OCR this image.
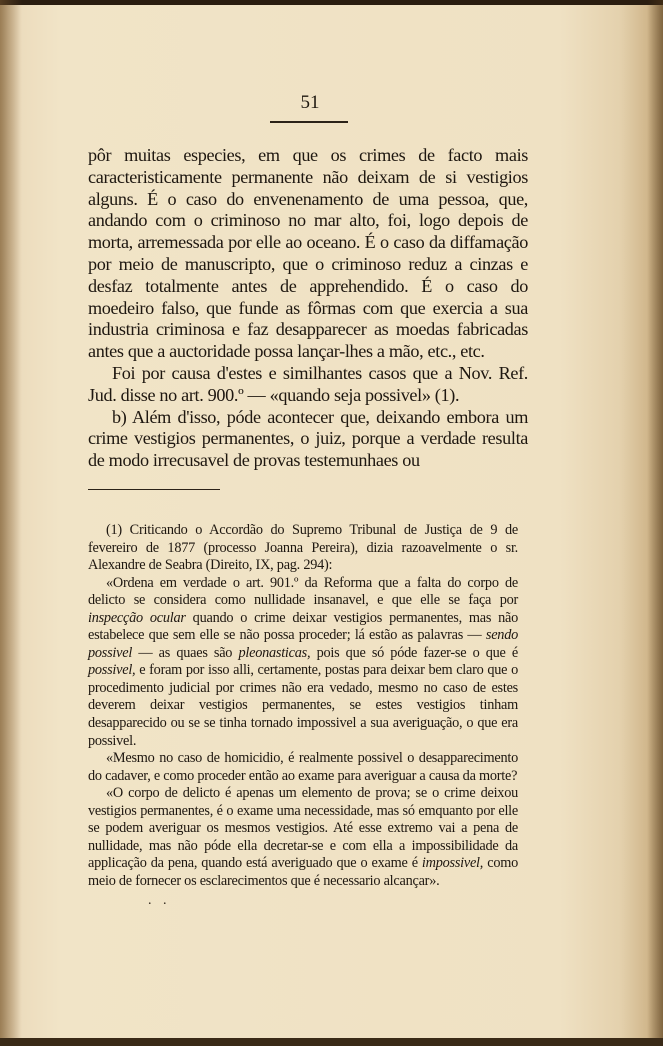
51

pôr muitas especies, em que os crimes de facto mais caracteristicamente permanente não deixam de si vestigios alguns. É o caso do envenenamento de uma pessoa, que, andando com o criminoso no mar alto, foi, logo depois de morta, arremessada por elle ao oceano. É o caso da diffamação por meio de manuscripto, que o criminoso reduz a cinzas e desfaz totalmente antes de apprehendido. É o caso do moedeiro falso, que funde as fôrmas com que exercia a sua industria criminosa e faz desapparecer as moedas fabricadas antes que a auctoridade possa lançar-lhes a mão, etc., etc.

Foi por causa d'estes e similhantes casos que a Nov. Ref. Jud. disse no art. 900.º — «quando seja possivel» (1).

b) Além d'isso, póde acontecer que, deixando embora um crime vestigios permanentes, o juiz, porque a verdade resulta de modo irrecusavel de provas testemunhaes ou

(1) Criticando o Accordão do Supremo Tribunal de Justiça de 9 de fevereiro de 1877 (processo Joanna Pereira), dizia razoavelmente o sr. Alexandre de Seabra (Direito, IX, pag. 294):

«Ordena em verdade o art. 901.º da Reforma que a falta do corpo de delicto se considera como nullidade insanavel, e que elle se faça por inspecção ocular quando o crime deixar vestigios permanentes, mas não estabelece que sem elle se não possa proceder; lá estão as palavras — sendo possivel — as quaes são pleonasticas, pois que só póde fazer-se o que é possivel, e foram por isso alli, certamente, postas para deixar bem claro que o procedimento judicial por crimes não era vedado, mesmo no caso de estes deverem deixar vestigios permanentes, se estes vestigios tinham desapparecido ou se se tinha tornado impossivel a sua averiguação, o que era possivel.

«Mesmo no caso de homicidio, é realmente possivel o desapparecimento do cadaver, e como proceder então ao exame para averiguar a causa da morte?

«O corpo de delicto é apenas um elemento de prova; se o crime deixou vestigios permanentes, é o exame uma necessidade, mas só emquanto por elle se podem averiguar os mesmos vestigios. Até esse extremo vai a pena de nullidade, mas não póde ella decretar-se e com ella a impossibilidade da applicação da pena, quando está averiguado que o exame é impossivel, como meio de fornecer os esclarecimentos que é necessario alcançar».

. .
